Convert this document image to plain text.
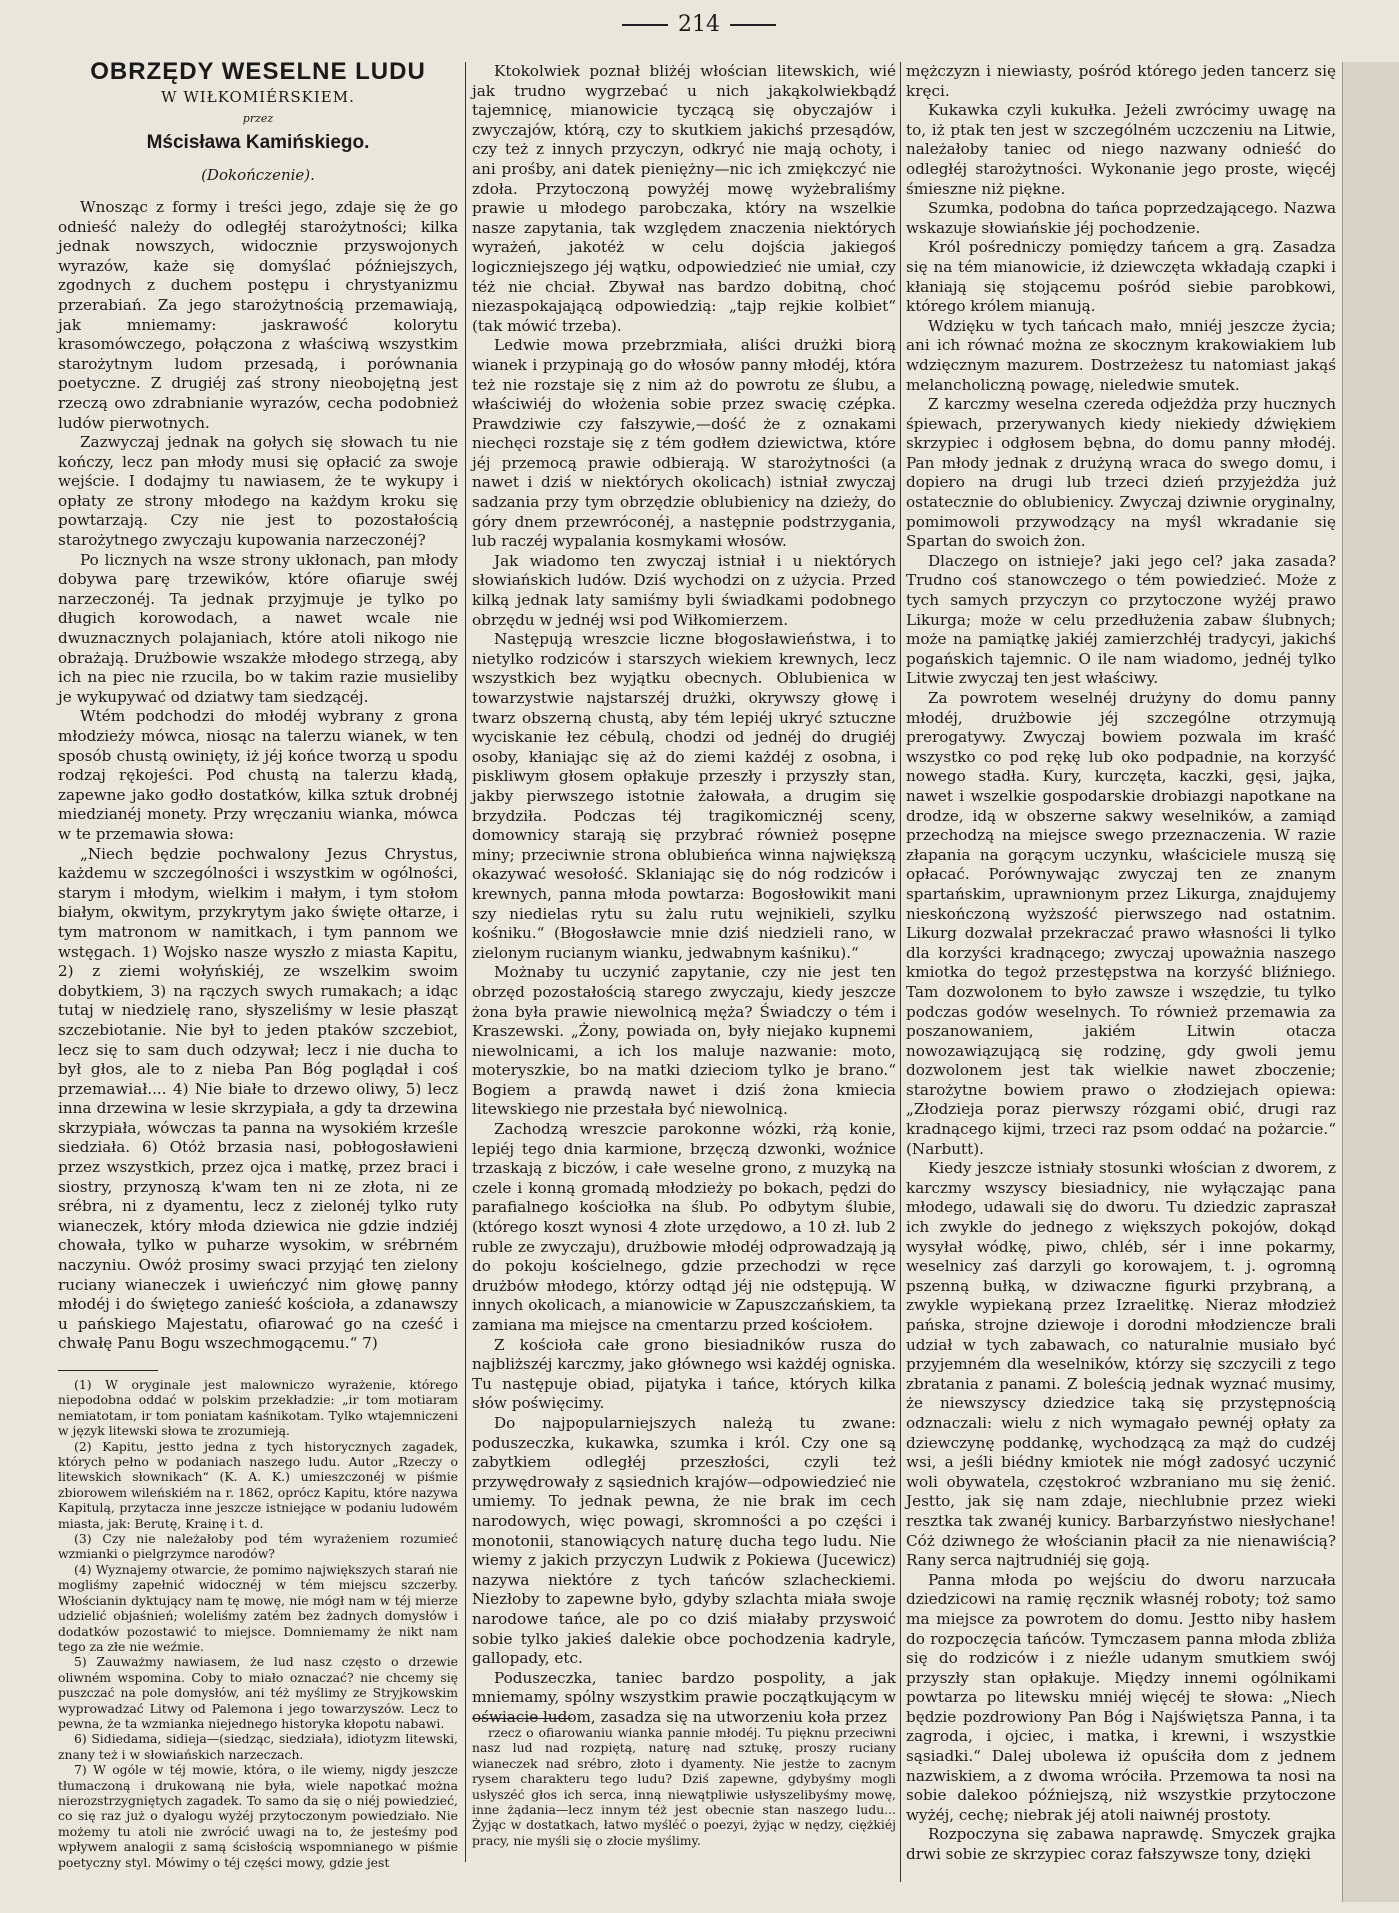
214
OBRZĘDY WESELNE LUDU
W WIŁKOMIÉRSKIEM.
przez
Mścisława Kamińskiego.
(Dokończenie).

Wnosząc z formy i treści jego, zdaje się że go odnieść należy do odległéj starożytności; kilka jednak nowszych, widocznie przyswojonych wyrazów, każe się domyślać późniejszych, zgodnych z duchem postępu i chrystyanizmu przerabiań. Za jego starożytnością przemawiają, jak mniemamy: jaskrawość kolorytu krasomówczego, połączona z właściwą wszystkim starożytnym ludom przesadą, i porównania poetyczne. Z drugiéj zaś strony nieobojętną jest rzeczą owo zdrabnianie wyrazów, cecha podobnież ludów pierwotnych.

Zazwyczaj jednak na gołych się słowach tu nie kończy, lecz pan młody musi się opłacić za swoje wejście. I dodajmy tu nawiasem, że te wykupy i opłaty ze strony młodego na każdym kroku się powtarzają. Czy nie jest to pozostałością starożytnego zwyczaju kupowania narzeczonéj?

Po licznych na wsze strony ukłonach, pan młody dobywa parę trzewików, które ofiaruje swéj narzeczonéj. Ta jednak przyjmuje je tylko po długich korowodach, a nawet wcale nie dwuznacznych polajaniach, które atoli nikogo nie obrażają. Drużbowie wszakże młodego strzegą, aby ich na piec nie rzucila, bo w takim razie musieliby je wykupywać od dziatwy tam siedzącéj.

Wtém podchodzi do młodéj wybrany z grona młodzieży mówca, niosąc na talerzu wianek, w ten sposób chustą owinięty, iż jéj końce tworzą u spodu rodzaj rękojeści. Pod chustą na talerzu kładą, zapewne jako godło dostatków, kilka sztuk drobnéj miedzianéj monety. Przy wręczaniu wianka, mówca w te przemawia słowa:

„Niech będzie pochwalony Jezus Chrystus, każdemu w szczególności i wszystkim w ogólności, starym i młodym, wielkim i małym, i tym stołom białym, okwitym, przykrytym jako święte ołtarze, i tym matronom w namitkach, i tym pannom we wstęgach. 1) Wojsko nasze wyszło z miasta Kapitu, 2) z ziemi wołyńskiéj, ze wszelkim swoim dobytkiem, 3) na rączych swych rumakach; a idąc tutaj w niedzielę rano, słyszeliśmy w lesie płasząt szczebiotanie. Nie był to jeden ptaków szczebiot, lecz się to sam duch odzywał; lecz i nie ducha to był głos, ale to z nieba Pan Bóg poglądał i coś przemawiał.... 4) Nie białe to drzewo oliwy, 5) lecz inna drzewina w lesie skrzypiała, a gdy ta drzewina skrzypiała, wówczas ta panna na wysokiém krześle siedziała. 6) Otóż brzasia nasi, pobłogosławieni przez wszystkich, przez ojca i matkę, przez braci i siostry, przynoszą k'wam ten ni ze złota, ni ze srébra, ni z dyamentu, lecz z zielonéj tylko ruty wianeczek, który młoda dziewica nie gdzie indziéj chowała, tylko w puharze wysokim, w srébrném naczyniu. Owóż prosimy swaci przyjąć ten zielony ruciany wianeczek i uwieńczyć nim głowę panny młodéj i do świętego zanieść kościoła, a zdanawszy u pańskiego Majestatu, ofiarować go na cześć i chwałę Panu Bogu wszechmogącemu.“ 7)

(1) W oryginale jest malowniczo wyrażenie, którego niepodobna oddać w polskim przekładzie: „ir tom motiaram nemiatotam, ir tom poniatam kaśnikotam. Tylko wtajemniczeni w język litewski słowa te zrozumieją.

(2) Kapitu, jestto jedna z tych historycznych zagadek, których pełno w podaniach naszego ludu. Autor „Rzeczy o litewskich słownikach“ (K. A. K.) umieszczonéj w piśmie zbiorowem wileńskiém na r. 1862, oprócz Kapitu, które nazywa Kapitulą, przytacza inne jeszcze istniejące w podaniu ludowém miasta, jak: Berutę, Krainę i t. d.

(3) Czy nie należałoby pod tém wyrażeniem rozumieć wzmianki o pielgrzymce narodów?

(4) Wyznajemy otwarcie, że pomimo największych starań nie mogliśmy zapełnić widocznéj w tém miejscu szczerby. Włościanin dyktujący nam tę mowę, nie mógł nam w téj mierze udzielić objaśnień; woleliśmy zatém bez żadnych domysłów i dodatków pozostawić to miejsce. Domniemamy że nikt nam tego za złe nie weźmie.

5) Zauważmy nawiasem, że lud nasz często o drzewie oliwném wspomina. Coby to miało oznaczać? nie chcemy się puszczać na pole domysłów, ani téż myślimy ze Stryjkowskim wyprowadzać Litwy od Palemona i jego towarzyszów. Lecz to pewna, że ta wzmianka niejednego historyka kłopotu nabawi.

6) Sidiedama, sidieja—(siedząc, siedziała), idiotyzm litewski, znany też i w słowiańskich narzeczach.

7) W ogóle w téj mowie, która, o ile wiemy, nigdy jeszcze tłumaczoną i drukowaną nie była, wiele napotkać można nierozstrzygniętych zagadek. To samo da się o niéj powiedzieć, co się raz już o dyalogu wyżéj przytoczonym powiedziało. Nie możemy tu atoli nie zwrócić uwagi na to, że jesteśmy pod wpływem analogii z samą ścisłością wspomnianego w piśmie poetyczny styl. Mówimy o téj części mowy, gdzie jest

Ktokolwiek poznał bliżéj włościan litewskich, wié jak trudno wygrzebać u nich jakąkolwiekbądź tajemnicę, mianowicie tyczącą się obyczajów i zwyczajów, którą, czy to skutkiem jakichś przesądów, czy też z innych przyczyn, odkryć nie mają ochoty, i ani prośby, ani datek pieniężny—nic ich zmiękczyć nie zdoła. Przytoczoną powyżéj mowę wyżebraliśmy prawie u młodego parobczaka, który na wszelkie nasze zapytania, tak względem znaczenia niektórych wyrażeń, jakotéż w celu dojścia jakiegoś logiczniejszego jéj wątku, odpowiedzieć nie umiał, czy téż nie chciał. Zbywał nas bardzo dobitną, choć niezaspokajającą odpowiedzią: „tajp rejkie kolbiet“ (tak mówić trzeba).

Ledwie mowa przebrzmiała, aliści drużki biorą wianek i przypinają go do włosów panny młodéj, która też nie rozstaje się z nim aż do powrotu ze ślubu, a właściwiéj do włożenia sobie przez swacię czépka. Prawdziwie czy fałszywie,—dość że z oznakami niechęci rozstaje się z tém godłem dziewictwa, które jéj przemocą prawie odbierają. W starożytności (a nawet i dziś w niektórych okolicach) istniał zwyczaj sadzania przy tym obrzędzie oblubienicy na dzieży, do góry dnem przewróconéj, a następnie podstrzygania, lub raczéj wypalania kosmykami włosów.

Jak wiadomo ten zwyczaj istniał i u niektórych słowiańskich ludów. Dziś wychodzi on z użycia. Przed kilką jednak laty samiśmy byli świadkami podobnego obrzędu w jednéj wsi pod Wiłkomierzem.

Następują wreszcie liczne błogosławieństwa, i to nietylko rodziców i starszych wiekiem krewnych, lecz wszystkich bez wyjątku obecnych. Oblubienica w towarzystwie najstarszéj drużki, okrywszy głowę i twarz obszerną chustą, aby tém lepiéj ukryć sztuczne wyciskanie łez cébulą, chodzi od jednéj do drugiéj osoby, kłaniając się aż do ziemi każdéj z osobna, i piskliwym głosem opłakuje przeszły i przyszły stan, jakby pierwszego istotnie żałowała, a drugim się brzydziła. Podczas téj tragikomicznéj sceny, domownicy starają się przybrać również posępne miny; przeciwnie strona oblubieńca winna największą okazywać wesołość. Sklaniając się do nóg rodziców i krewnych, panna młoda powtarza: Bogosłowikit mani szy niedielas rytu su żalu rutu wejnikieli, szylku kośniku.“ (Błogosławcie mnie dziś niedzieli rano, w zielonym rucianym wianku, jedwabnym kaśniku).“

Możnaby tu uczynić zapytanie, czy nie jest ten obrzęd pozostałością starego zwyczaju, kiedy jeszcze żona była prawie niewolnicą męża? Świadczy o tém i Kraszewski. „Żony, powiada on, były niejako kupnemi niewolnicami, a ich los maluje nazwanie: moto, moteryszkie, bo na matki dzieciom tylko je brano.“ Bogiem a prawdą nawet i dziś żona kmiecia litewskiego nie przestała być niewolnicą.

Zachodzą wreszcie parokonne wózki, rżą konie, lepiéj tego dnia karmione, brzęczą dzwonki, woźnice trzaskają z biczów, i całe weselne grono, z muzyką na czele i konną gromadą młodzieży po bokach, pędzi do parafialnego kościołka na ślub. Po odbytym ślubie, (którego koszt wynosi 4 złote urzędowo, a 10 zł. lub 2 ruble ze zwyczaju), drużbowie młodéj odprowadzają ją do pokoju kościelnego, gdzie przechodzi w ręce drużbów młodego, którzy odtąd jéj nie odstępują. W innych okolicach, a mianowicie w Zapuszczańskiem, ta zamiana ma miejsce na cmentarzu przed kościołem.

Z kościoła całe grono biesiadników rusza do najbliższéj karczmy, jako głównego wsi każdéj ogniska. Tu następuje obiad, pijatyka i tańce, których kilka słów poświęcimy.

Do najpopularniejszych należą tu zwane: poduszeczka, kukawka, szumka i król. Czy one są zabytkiem odległéj przeszłości, czyli też przywędrowały z sąsiednich krajów—odpowiedzieć nie umiemy. To jednak pewna, że nie brak im cech narodowych, więc powagi, skromności a po części i monotonii, stanowiących naturę ducha tego ludu. Nie wiemy z jakich przyczyn Ludwik z Pokiewa (Jucewicz) nazywa niektóre z tych tańców szlacheckiemi. Niezłoby to zapewne było, gdyby szlachta miała swoje narodowe tańce, ale po co dziś miałaby przyswoić sobie tylko jakieś dalekie obce pochodzenia kadryle, gallopady, etc.

Poduszeczka, taniec bardzo pospolity, a jak mniemamy, spólny wszystkim prawie początkującym w oświacie ludom, zasadza się na utworzeniu koła przez

rzecz o ofiarowaniu wianka pannie młodéj. Tu pięknu przeciwni nasz lud nad rozpiętą, naturę nad sztukę, proszy ruciany wianeczek nad srébro, złoto i dyamenty. Nie jestże to zacnym rysem charakteru tego ludu? Dziś zapewne, gdybyśmy mogli usłyszéć głos ich serca, inną niewątpliwie usłyszelibyśmy mowę, inne żądania—lecz innym téż jest obecnie stan naszego ludu... Żyjąc w dostatkach, łatwo myśléć o poezyi, żyjąc w nędzy, ciężkiéj pracy, nie myśli się o złocie myślimy.

mężczyzn i niewiasty, pośród którego jeden tancerz się kręci.

Kukawka czyli kukułka. Jeżeli zwrócimy uwagę na to, iż ptak ten jest w szczególném uczczeniu na Litwie, należałoby taniec od niego nazwany odnieść do odległéj starożytności. Wykonanie jego proste, więcéj śmieszne niż piękne.

Szumka, podobna do tańca poprzedzającego. Nazwa wskazuje słowiańskie jéj pochodzenie.

Król pośredniczy pomiędzy tańcem a grą. Zasadza się na tém mianowicie, iż dziewczęta wkładają czapki i kłaniają się stojącemu pośród siebie parobkowi, którego królem mianują.

Wdzięku w tych tańcach mało, mniéj jeszcze życia; ani ich równać można ze skocznym krakowiakiem lub wdzięcznym mazurem. Dostrzeżesz tu natomiast jakąś melancholiczną powagę, nieledwie smutek.

Z karczmy weselna czereda odjeżdża przy hucznych śpiewach, przerywanych kiedy niekiedy dźwiękiem skrzypiec i odgłosem bębna, do domu panny młodéj. Pan młody jednak z drużyną wraca do swego domu, i dopiero na drugi lub trzeci dzień przyjeżdża już ostatecznie do oblubienicy. Zwyczaj dziwnie oryginalny, pomimowoli przywodzący na myśl wkradanie się Spartan do swoich żon.

Dlaczego on istnieje? jaki jego cel? jaka zasada? Trudno coś stanowczego o tém powiedzieć. Może z tych samych przyczyn co przytoczone wyżéj prawo Likurga; może w celu przedłużenia zabaw ślubnych; może na pamiątkę jakiéj zamierzchłéj tradycyi, jakichś pogańskich tajemnic. O ile nam wiadomo, jednéj tylko Litwie zwyczaj ten jest właściwy.

Za powrotem weselnéj drużyny do domu panny młodéj, drużbowie jéj szczególne otrzymują prerogatywy. Zwyczaj bowiem pozwala im kraść wszystko co pod rękę lub oko podpadnie, na korzyść nowego stadła. Kury, kurczęta, kaczki, gęsi, jajka, nawet i wszelkie gospodarskie drobiazgi napotkane na drodze, idą w obszerne sakwy weselników, a zamiąd przechodzą na miejsce swego przeznaczenia. W razie złapania na gorącym uczynku, właściciele muszą się opłacać. Porównywając zwyczaj ten ze znanym spartańskim, uprawnionym przez Likurga, znajdujemy nieskończoną wyższość pierwszego nad ostatnim. Likurg dozwalał przekraczać prawo własności li tylko dla korzyści kradnącego; zwyczaj upoważnia naszego kmiotka do tegoż przestępstwa na korzyść bliźniego. Tam dozwolonem to było zawsze i wszędzie, tu tylko podczas godów weselnych. To również przemawia za poszanowaniem, jakiém Litwin otacza nowozawiązującą się rodzinę, gdy gwoli jemu dozwolonem jest tak wielkie nawet zboczenie; starożytne bowiem prawo o złodziejach opiewa: „Złodzieja poraz pierwszy rózgami obić, drugi raz kradnącego kijmi, trzeci raz psom oddać na pożarcie.“ (Narbutt).

Kiedy jeszcze istniały stosunki włościan z dworem, z karczmy wszyscy biesiadnicy, nie wyłączając pana młodego, udawali się do dworu. Tu dziedzic zapraszał ich zwykle do jednego z większych pokojów, dokąd wysyłał wódkę, piwo, chléb, sér i inne pokarmy, weselnicy zaś darzyli go korowajem, t. j. ogromną pszenną bułką, w dziwaczne figurki przybraną, a zwykle wypiekaną przez Izraelitkę. Nieraz młodzież pańska, strojne dziewoje i dorodni młodziencze brali udział w tych zabawach, co naturalnie musiało być przyjemném dla weselników, którzy się szczycili z tego zbratania z panami. Z boleścią jednak wyznać musimy, że niewszyscy dziedzice taką się przystępnością odznaczali: wielu z nich wymagało pewnéj opłaty za dziewczynę poddankę, wychodzącą za mąż do cudzéj wsi, a jeśli biédny kmiotek nie mógł zadosyć uczynić woli obywatela, częstokroć wzbraniano mu się żenić. Jestto, jak się nam zdaje, niechlubnie przez wieki resztka tak zwanéj kunicy. Barbarzyństwo niesłychane! Cóż dziwnego że włościanin płacił za nie nienawiścią? Rany serca najtrudniéj się goją.

Panna młoda po wejściu do dworu narzucała dziedzicowi na ramię ręcznik własnéj roboty; toż samo ma miejsce za powrotem do domu. Jestto niby hasłem do rozpoczęcia tańców. Tymczasem panna młoda zbliża się do rodziców i z nieźle udanym smutkiem swój przyszły stan opłakuje. Między innemi ogólnikami powtarza po litewsku mniéj więcéj te słowa: „Niech będzie pozdrowiony Pan Bóg i Najświętsza Panna, i ta zagroda, i ojciec, i matka, i krewni, i wszystkie sąsiadki.“ Dalej ubolewa iż opuściła dom z jednem nazwiskiem, a z dwoma wróciła. Przemowa ta nosi na sobie dalekoo późniejszą, niż wszystkie przytoczone wyżéj, cechę; niebrak jéj atoli naiwnéj prostoty.

Rozpoczyna się zabawa naprawdę. Smyczek grajka drwi sobie ze skrzypiec coraz fałszywsze tony, dzięki
